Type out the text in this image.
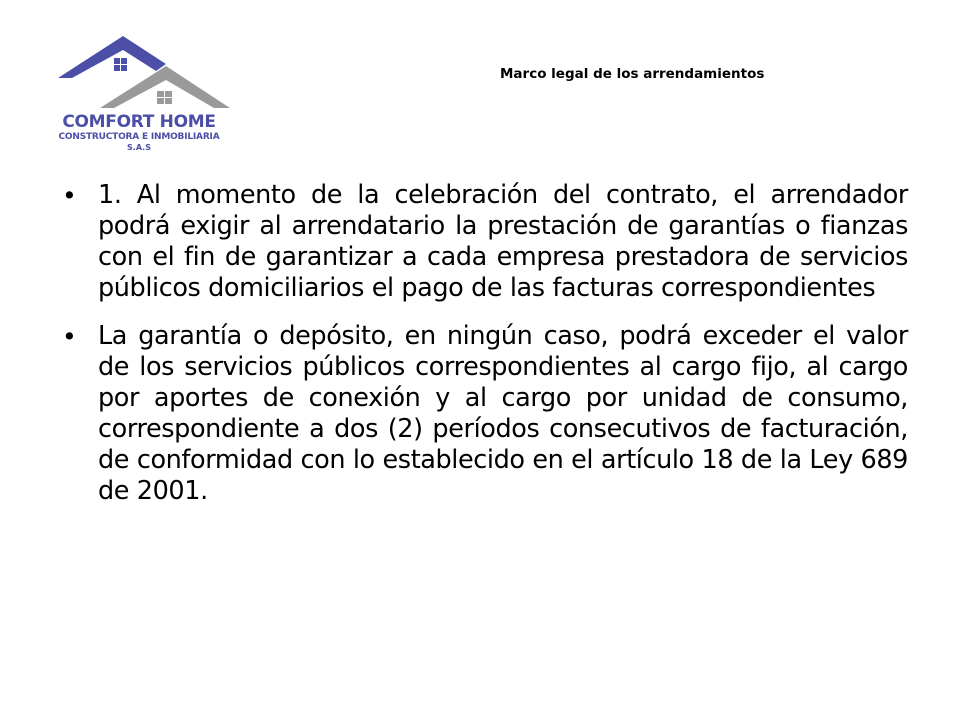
COMFORT HOME
CONSTRUCTORA E INMOBILIARIA
S.A.S
Marco legal de los arrendamientos
• 1. Al momento de la celebración del contrato, el arrendador podrá exigir al arrendatario la prestación de garantías o fianzas con el fin de garantizar a cada empresa prestadora de servicios públicos domiciliarios el pago de las facturas correspondientes
• La garantía o depósito, en ningún caso, podrá exceder el valor de los servicios públicos correspondientes al cargo fijo, al cargo por aportes de conexión y al cargo por unidad de consumo, correspondiente a dos (2) períodos consecutivos de facturación, de conformidad con lo establecido en el artículo 18 de la Ley 689 de 2001.
